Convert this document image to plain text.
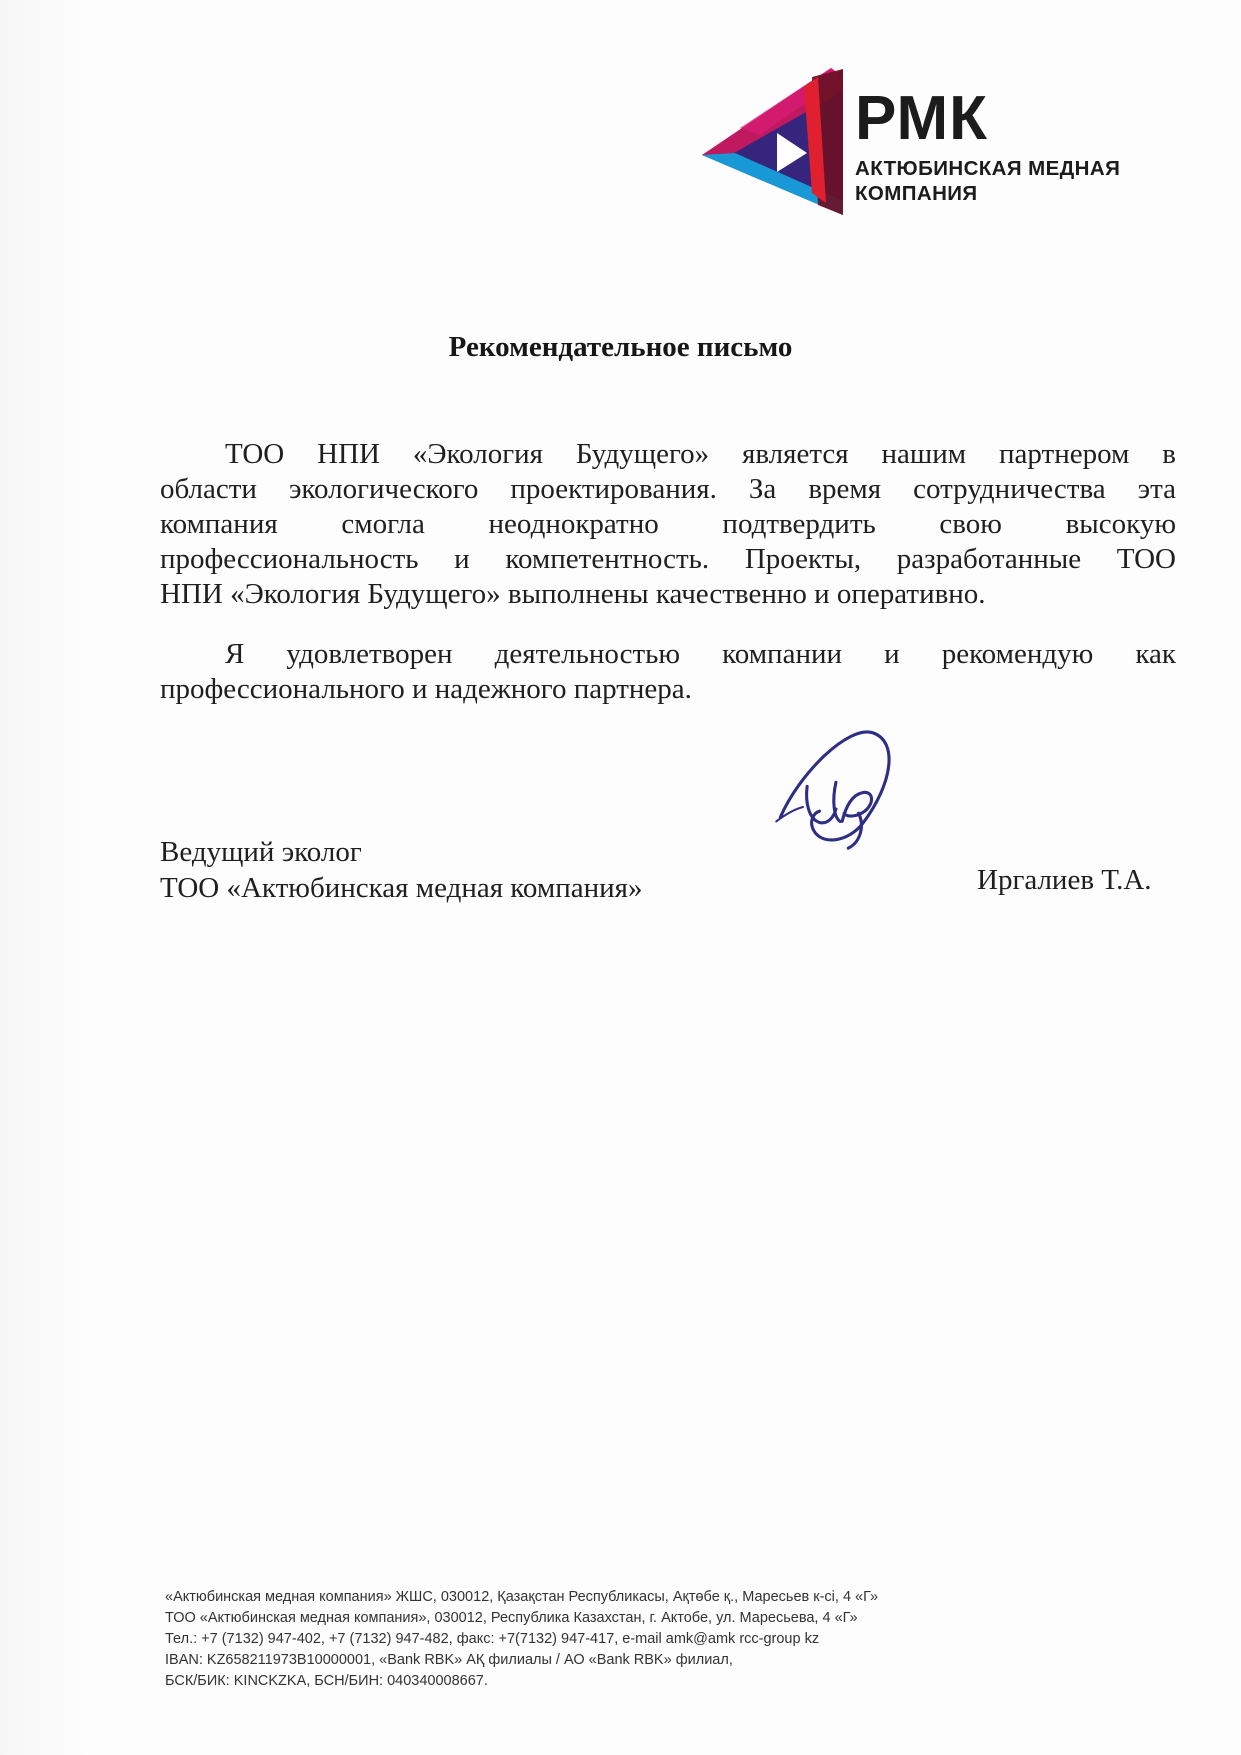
РМК
АКТЮБИНСКАЯ МЕДНАЯ
КОМПАНИЯ
Рекомендательное письмо

ТОО НПИ «Экология Будущего» является нашим партнером в
области экологического проектирования. За время сотрудничества эта
компания смогла неоднократно подтвердить свою высокую
профессиональность и компетентность. Проекты, разработанные ТОО
НПИ «Экология Будущего» выполнены качественно и оперативно.

Я удовлетворен деятельностью компании и рекомендую как
профессионального и надежного партнера.

Ведущий эколог
ТОО «Актюбинская медная компания»	Иргалиев Т.А.
«Актюбинская медная компания» ЖШС, 030012, Қазақстан Республикасы, Ақтөбе қ., Маресьев к-сі, 4 «Г»
ТОО «Актюбинская медная компания», 030012, Республика Казахстан, г. Актобе, ул. Маресьева, 4 «Г»
Тел.: +7 (7132) 947-402, +7 (7132) 947-482, факс: +7(7132) 947-417, e-mail amk@amk rcc-group kz
IBAN: KZ658211973B10000001, «Bank RBK» АҚ филиалы / АО «Bank RBK» филиал,
БСК/БИК: KINCKZKA, БСН/БИН: 040340008667.
